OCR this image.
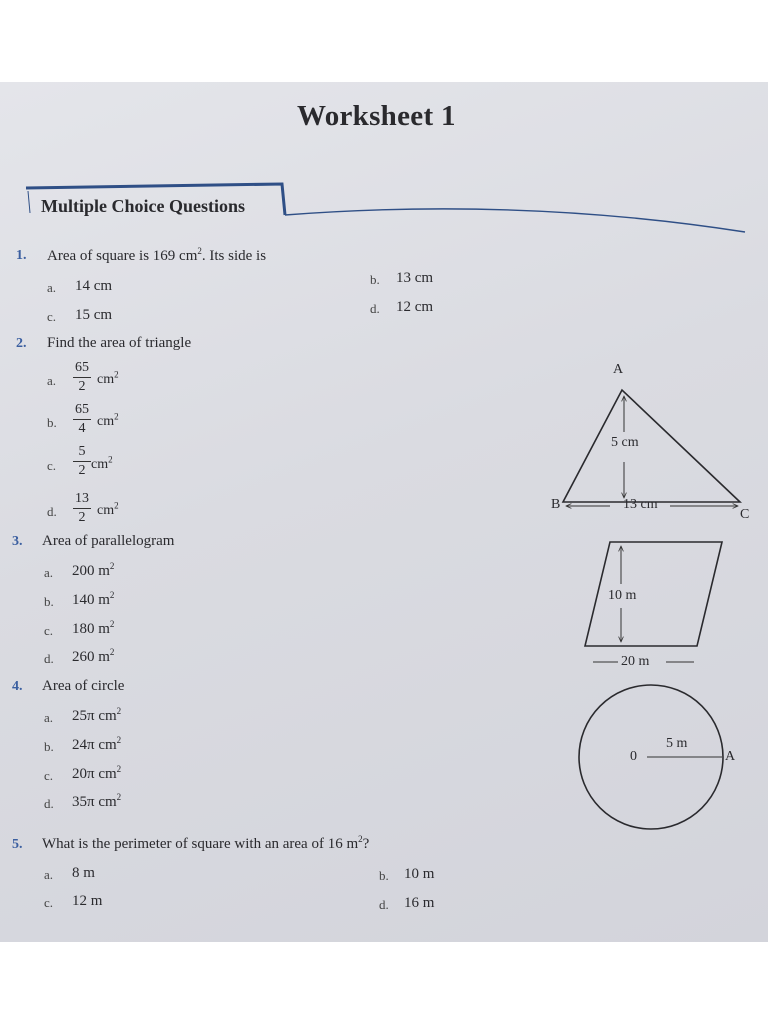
Worksheet 1
Multiple Choice Questions
1. Area of square is 169 $cm^2$. Its side is
a. 14 cm	b. 13 cm
c. 15 cm	d. 12 cm
2. Find the area of triangle
a.
65
2 $cm^2$
b.
65
4 $cm^2$
c.
5
2 $cm^2$
d.
13
2 $cm^2$
3. Area of parallelogram
a. 200 $m^2$
b. 140 $m^2$
c. 180 $m^2$
d. 260 $m^2$
4. Area of circle
a. 25π $cm^2$
b. 24π $cm^2$
c. 20π $cm^2$
d. 35π $cm^2$
5. What is the perimeter of square with an area of 16 $m^2$?
a. 8 m	b. 10 m
c. 12 m	d. 16 m
A
B
C
5 cm
13 cm
10 m
20 m
0	A
5 m
